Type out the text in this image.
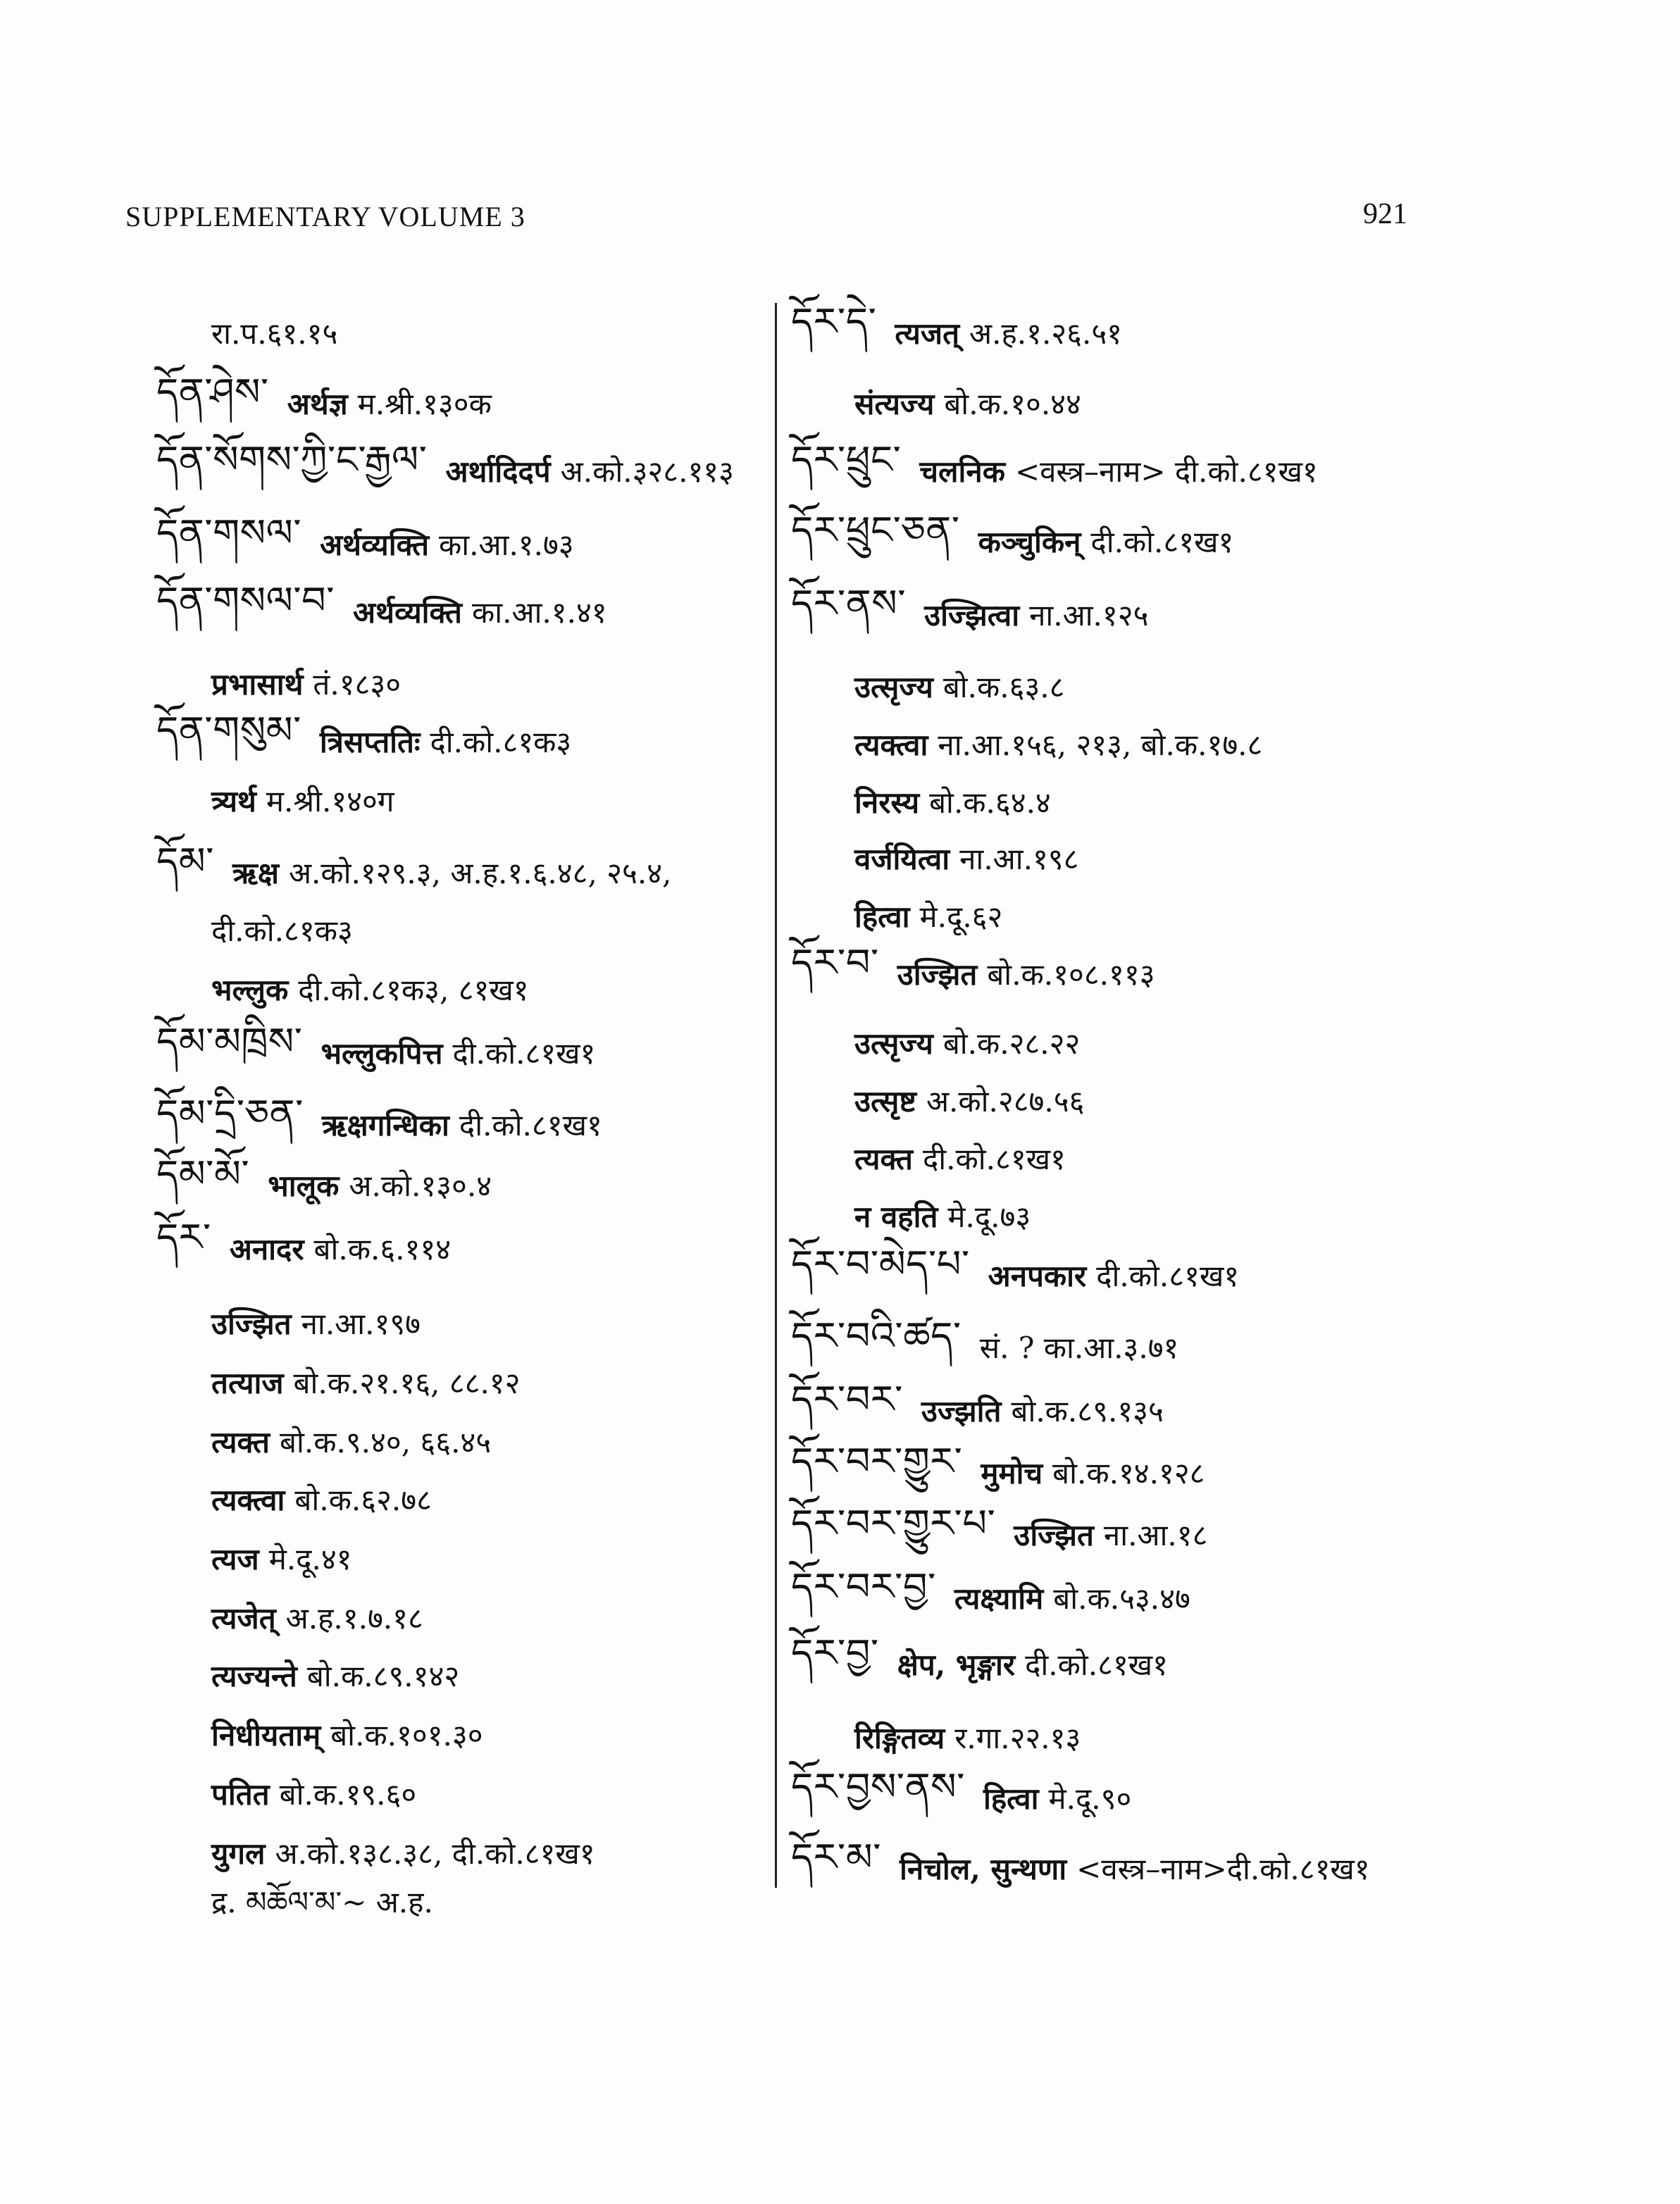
SUPPLEMENTARY VOLUME 3	921
रा.प.६१.१५
དོན་ཤེས་ अर्थज्ञ म.श्री.१३०क
དོན་སོགས་ཀྱི་ང་རྒྱལ་ अर्थादिदर्प अ.को.३२८.११३
དོན་གསལ་ अर्थव्यक्ति का.आ.१.७३
དོན་གསལ་བ་ अर्थव्यक्ति का.आ.१.४१
प्रभासार्थ तं.१८३०
དོན་གསུམ་ त्रिसप्ततिः दी.को.८१क३
त्र्यर्थ म.श्री.१४०ग
དོམ་ ऋक्ष अ.को.१२९.३, अ.ह.१.६.४८, २५.४,
दी.को.८१क३
भल्लुक दी.को.८१क३, ८१ख१
དོམ་མཁྲིས་ भल्लुकपित्त दी.को.८१ख१
དོམ་དྲི་ཅན་ ऋक्षगन्धिका दी.को.८१ख१
དོམ་མོ་ भालूक अ.को.१३०.४
དོར་ अनादर बो.क.६.११४
उज्झित ना.आ.१९७
तत्याज बो.क.२१.१६, ८८.१२
त्यक्त बो.क.९.४०, ६६.४५
त्यक्त्वा बो.क.६२.७८
त्यज मे.दू.४१
त्यजेत् अ.ह.१.७.१८
त्यज्यन्ते बो.क.८९.१४२
निधीयताम् बो.क.१०१.३०
पतित बो.क.१९.६०
युगल अ.को.१३८.३८, दी.को.८१ख१
द्र. མཆོལ་མ་~ अ.ह.
དོར་དེ་ त्यजत् अ.ह.१.२६.५१
संत्यज्य बो.क.१०.४४
དོར་ཕྲུང་ चलनिक <वस्त्र–नाम> दी.को.८१ख१
དོར་ཕྲུང་ཅན་ कञ्चुकिन् दी.को.८१ख१
དོར་ནས་ उज्झित्वा ना.आ.१२५
उत्सृज्य बो.क.६३.८
त्यक्त्वा ना.आ.१५६, २१३, बो.क.१७.८
निरस्य बो.क.६४.४
वर्जयित्वा ना.आ.१९८
हित्वा मे.दू.६२
དོར་བ་ उज्झित बो.क.१०८.११३
उत्सृज्य बो.क.२८.२२
उत्सृष्ट अ.को.२८७.५६
त्यक्त दी.को.८१ख१
न वहति मे.दू.७३
དོར་བ་མེད་པ་ अनपकार दी.को.८१ख१
དོར་བའི་ཚད་ सं. ? का.आ.३.७१
དོར་བར་ उज्झति बो.क.८९.१३५
དོར་བར་གྱུར་ मुमोच बो.क.१४.१२८
དོར་བར་གྱུར་པ་ उज्झित ना.आ.१८
དོར་བར་བྱ་ त्यक्ष्यामि बो.क.५३.४७
དོར་བྱ་ क्षेप, भृङ्गार दी.को.८१ख१
रिङ्गितव्य र.गा.२२.१३
དོར་བྱས་ནས་ हित्वा मे.दू.९०
དོར་མ་ निचोल, सुन्थणा <वस्त्र–नाम>दी.को.८१ख१
